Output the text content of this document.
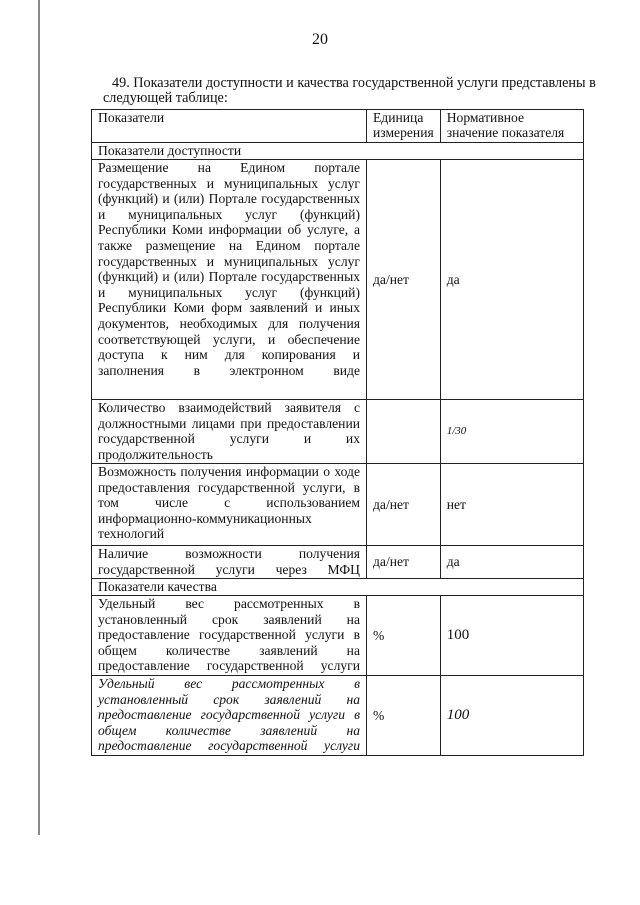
20
49. Показатели доступности и качества государственной услуги представлены в следующей таблице:
Показатели	Единица измерения	Нормативное значение показателя
Показатели доступности		
Размещение на Едином портале государственных и муниципальных услуг (функций) и (или) Портале государственных и муниципальных услуг (функций) Республики Коми информации об услуге, а также размещение на Едином портале государственных и муниципальных услуг (функций) и (или) Портале государственных и муниципальных услуг (функций) Республики Коми форм заявлений и иных документов, необходимых для получения соответствующей услуги, и обеспечение доступа к ним для копирования и заполнения в электронном виде	да/нет	да
Количество взаимодействий заявителя с должностными лицами при предоставлении государственной услуги и их продолжительность		1/30
Возможность получения информации о ходе предоставления государственной услуги, в том числе с использованием информационно-коммуникационных технологий	да/нет	нет
Наличие возможности получения государственной услуги через МФЦ	да/нет	да
Показатели качества		
Удельный вес рассмотренных в установленный срок заявлений на предоставление государственной услуги в общем количестве заявлений на предоставление государственной услуги	%	100
Удельный вес рассмотренных в установленный срок заявлений на предоставление государственной услуги в общем количестве заявлений на предоставление государственной услуги	%	100
